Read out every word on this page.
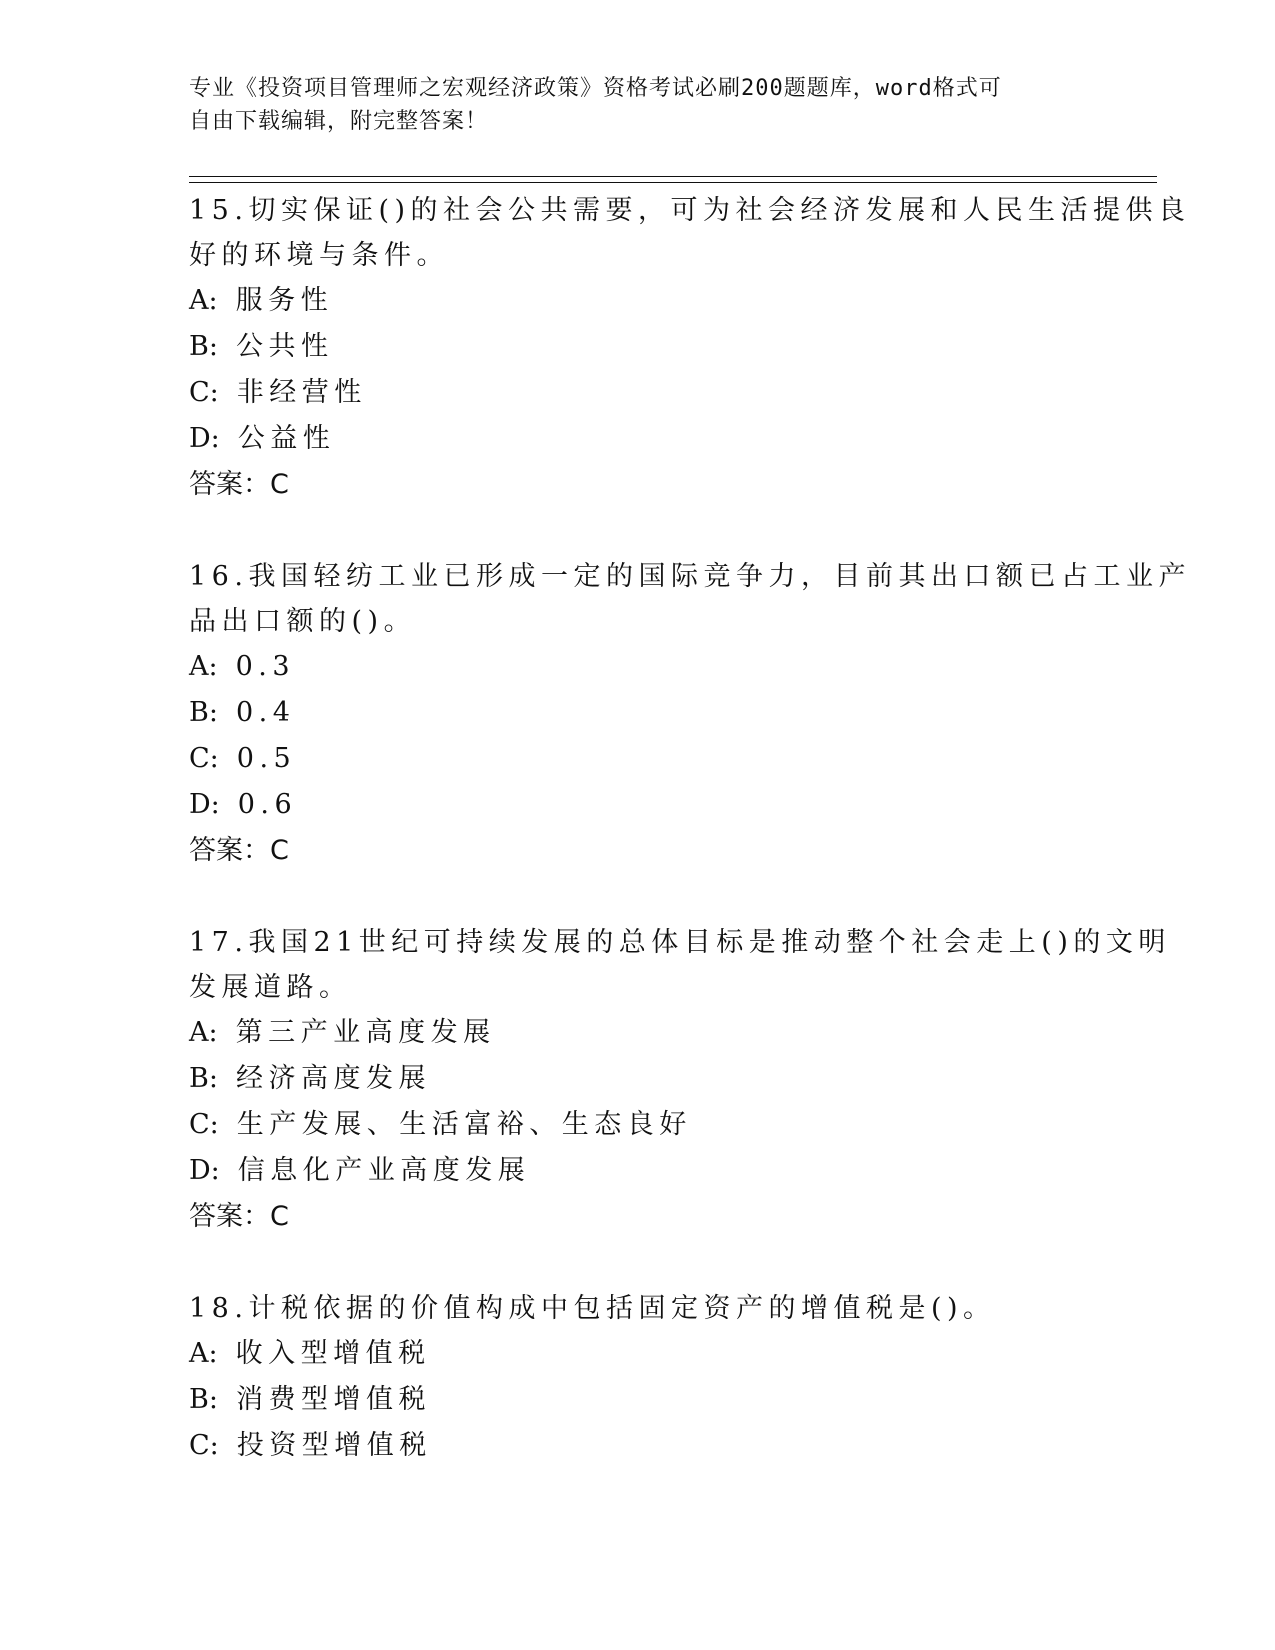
专业《投资项目管理师之宏观经济政策》资格考试必刷200题题库，word格式可
自由下载编辑，附完整答案！
15.切实保证()的社会公共需要，可为社会经济发展和人民生活提供良
好的环境与条件。
A: 服务性
B: 公共性
C: 非经营性
D: 公益性
答案：C
16.我国轻纺工业已形成一定的国际竞争力，目前其出口额已占工业产
品出口额的()。
A: 0.3
B: 0.4
C: 0.5
D: 0.6
答案：C
17.我国21世纪可持续发展的总体目标是推动整个社会走上()的文明
发展道路。
A: 第三产业高度发展
B: 经济高度发展
C: 生产发展、生活富裕、生态良好
D: 信息化产业高度发展
答案：C
18.计税依据的价值构成中包括固定资产的增值税是()。
A: 收入型增值税
B: 消费型增值税
C: 投资型增值税
